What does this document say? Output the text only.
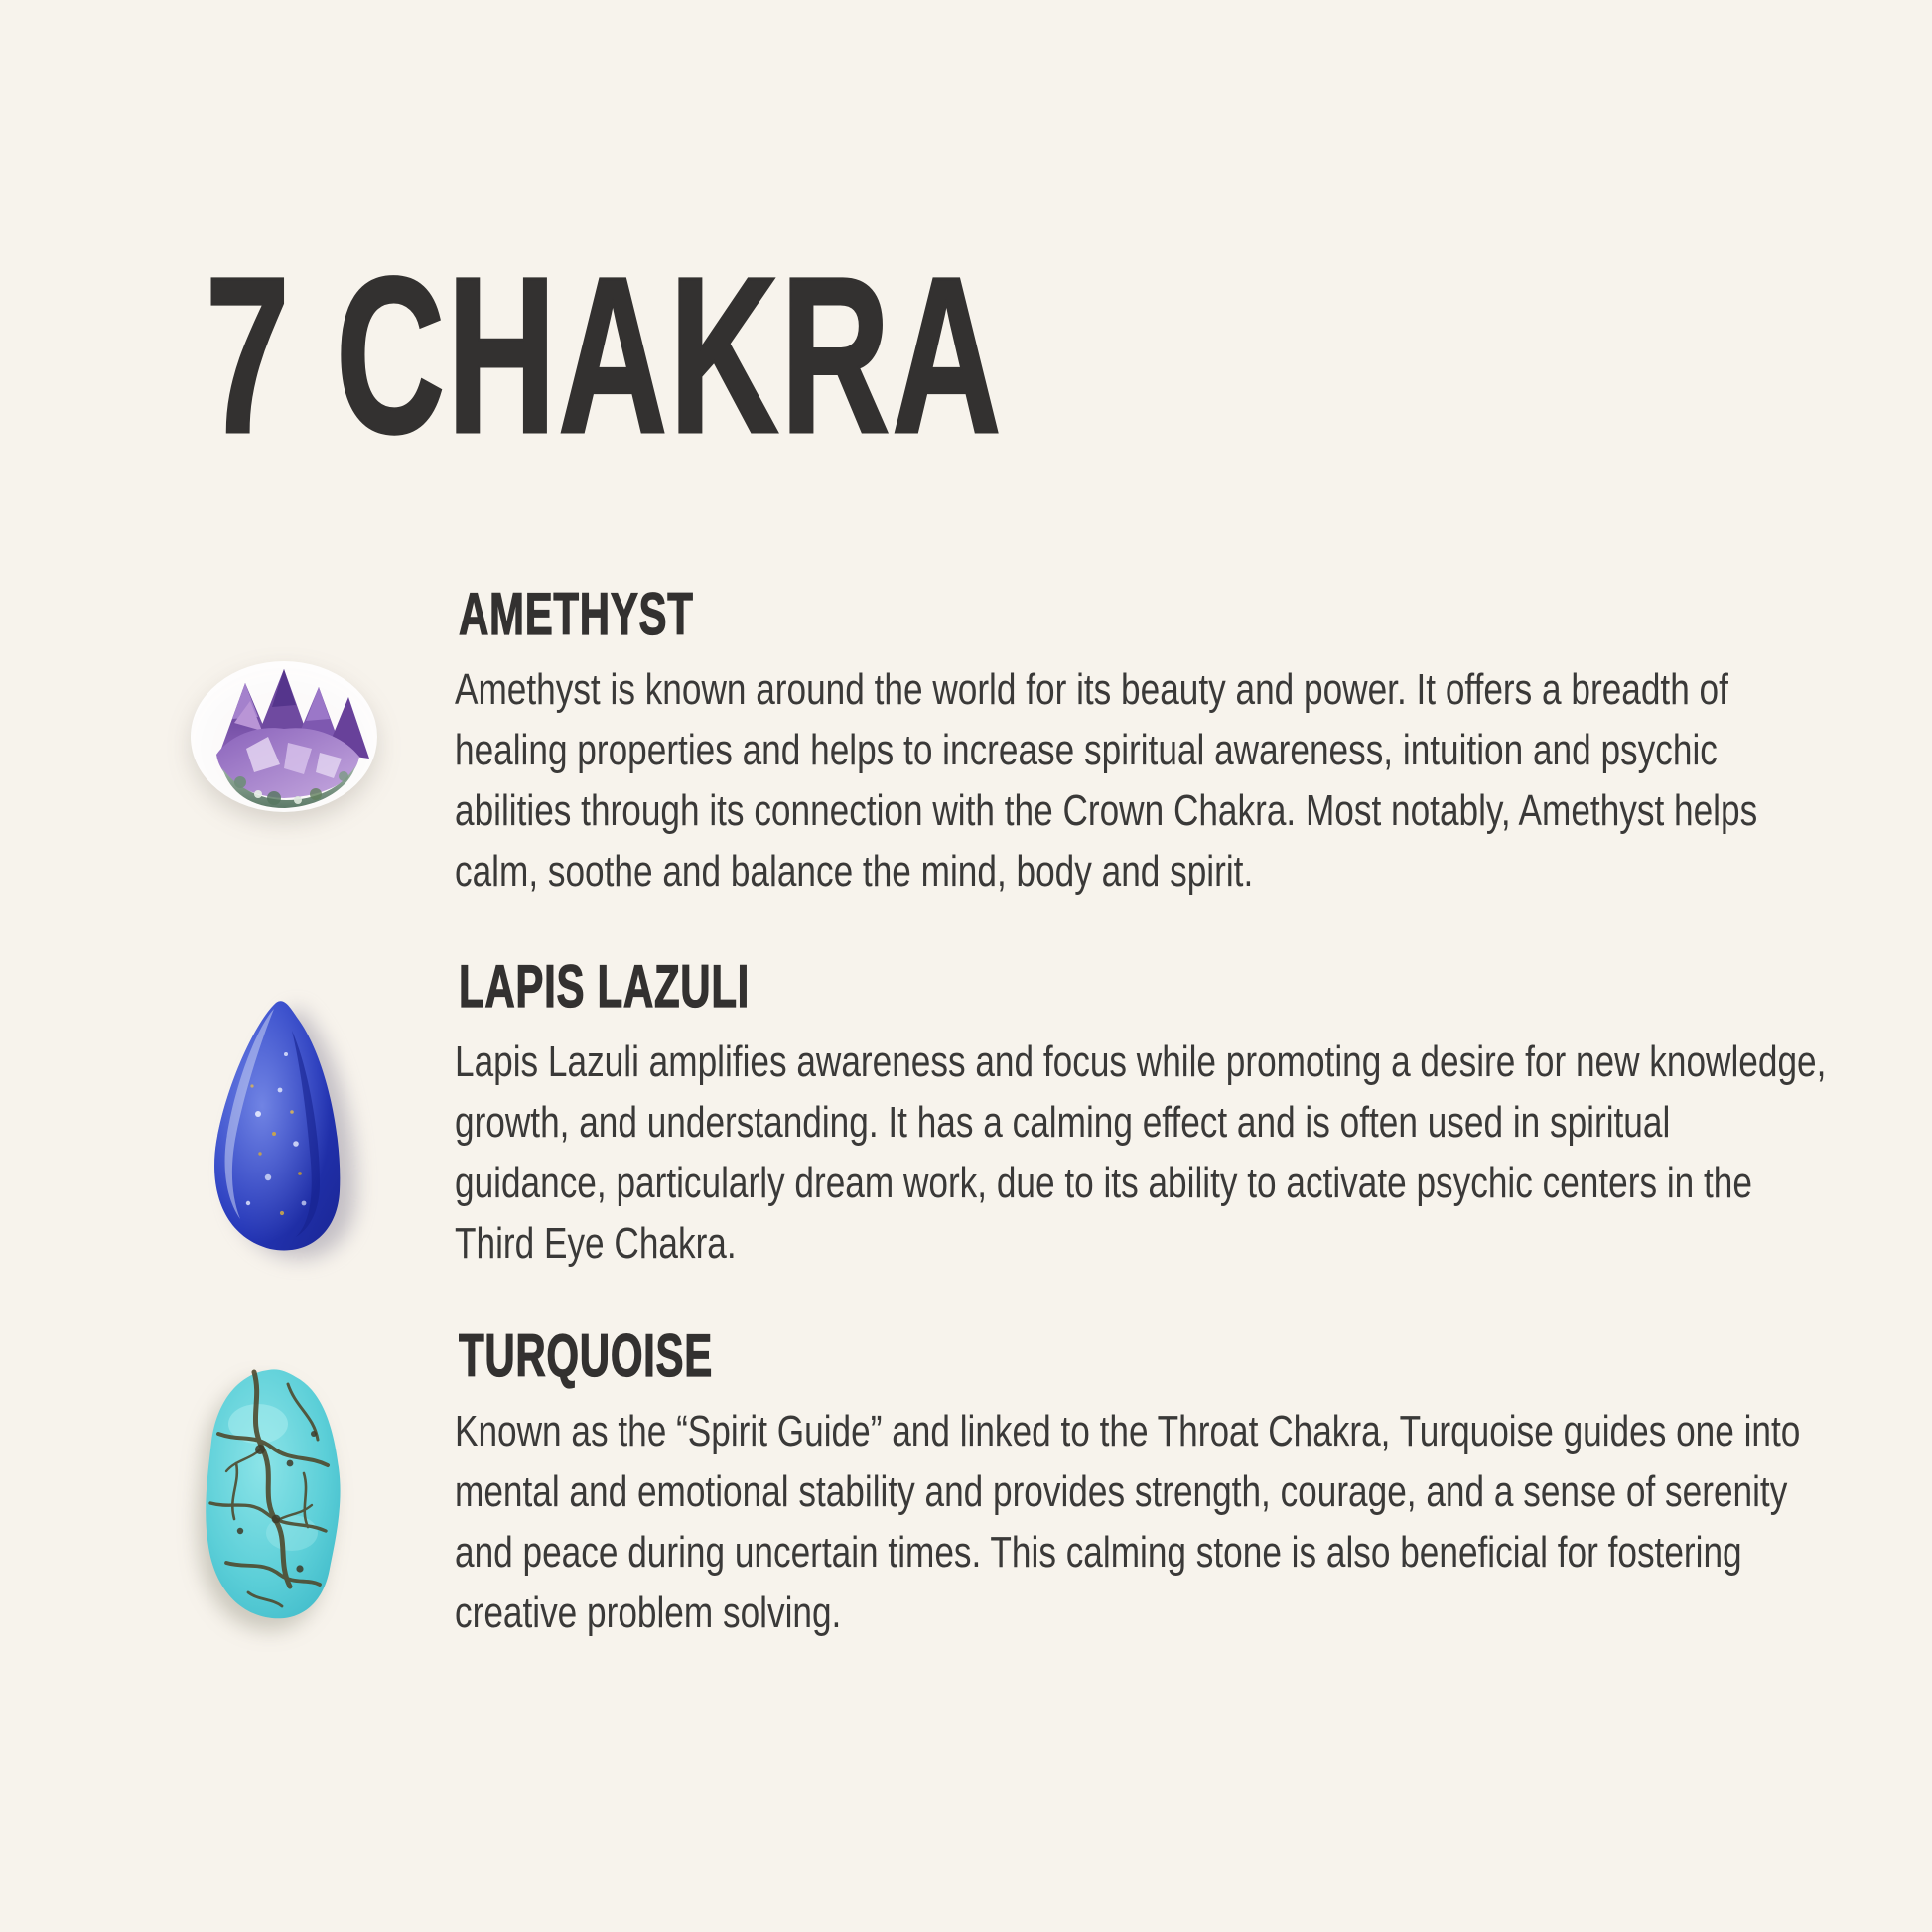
7 CHAKRA
AMETHYST

Amethyst is known around the world for its beauty and power. It offers a breadth of healing properties and helps to increase spiritual awareness, intuition and psychic abilities through its connection with the Crown Chakra. Most notably, Amethyst helps calm, soothe and balance the mind, body and spirit.

LAPIS LAZULI

Lapis Lazuli amplifies awareness and focus while promoting a desire for new knowledge, growth, and understanding. It has a calming effect and is often used in spiritual guidance, particularly dream work, due to its ability to activate psychic centers in the Third Eye Chakra.

TURQUOISE

Known as the “Spirit Guide” and linked to the Throat Chakra, Turquoise guides one into mental and emotional stability and provides strength, courage, and a sense of serenity and peace during uncertain times. This calming stone is also beneficial for fostering creative problem solving.
